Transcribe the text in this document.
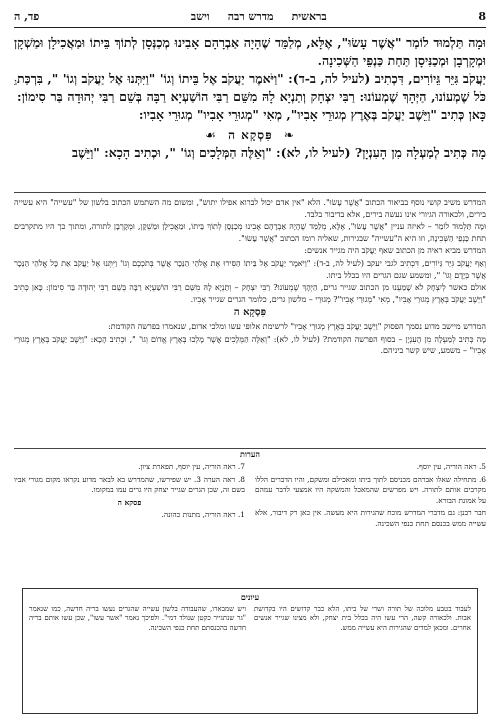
8
בראשית
מדרש רבה
וישב
פד, ה

וּמָה תַּלְמוּד לוֹמַר "אֲשֶׁר עָשׂוּ", אֶלָּא, מְלַמֵּד שֶׁהָיָה אַבְרָהָם אָבִינוּ מְכַנְּסָן לְתוֹךְ בֵּיתוֹ וּמַאֲכִילָן וּמַשְׁקָן וּמְקָרְבָן וּמְכַנִּיסָן תַּחַת כַּנְפֵי הַשְּׁכִינָה.

ג יַעֲקֹב גִּיֵּר גֵּיוֹרִים, דִּכְתִיב (לעיל לה, ב-ד): "וַיֹּאמֶר יַעֲקֹב אֶל בֵּיתוֹ וְגוֹ' "וַיִּתְּנוּ אֶל יַעֲקֹב וְגוֹ' ", בִּרְכַּת כֹּל שֶׁמְעוֹנוּ, הַיְּהָךְ שֶׁמְעוֹנוּ: רַבִּי יִצְחָק וְתַנְיָא לָהּ מִשֵּׁם רַבִּי הוֹשַׁעְיָא רַבָּה בְּשֵׁם רַבִּי יְהוּדָה בַּר סִימוֹן: כָּאן כְּתִיב "וַיֵּשֶׁב יַעֲקֹב בְּאֶרֶץ מְגוּרֵי אָבִיו", מְאִי "מְגוּרֵי אָבִיו" מְגוּרֵי אָבִיו:

❧ פִּסְקָא ה ☙

מָה כְּתִיב לְמַעְלָה מִן הָעִנְיָן? (לעיל לו, לא): "וְאֵלֶּה הַמְּלָכִים וְגוֹ' ", וּכְתִיב הָכָא: "וַיֵּשֶׁב

המדרש משיב קושי נוסף בביאור הכתוב "אֲשֶׁר עָשׂוּ". הלא "אין אדם יכול לברוא אפילו יתוש", ומשום מה השתמש הכתוב בלשון של "עשייה" היא עשייה בירים, ולכאורה הגיורי אינו נעשה בירים, אלא בדיבור בלבד.

וּמָה תַּלְמוּד לוֹמַר – לאיזה עניין "אֲשֶׁר עָשׂוּ", אֶלָּא, מְלַמֵּד שֶׁהָיָה אַבְרָהָם אָבִינוּ מְכַנְּסָן לְתוֹךְ בֵּיתוֹ, וּמַאֲכִילָן וּמַשְׁקָן, וּמְקָרְבָן לתורה, ומתוך כך היו מתקרבים תחת כַּנְפֵי הַשְּׁכִינָה, וזו היא ה"עשייה" שבגירות, שאליה רומז הכתוב "אֲשֶׁר עָשׂוּ".

המדרש מביא ראיה מן הכתוב שאף יַעֲקֹב היה מגייר אנשים:

וְאַף יַעֲקֹב גִּיֵּר גֵּיוֹרִים, דִּכְתִיב לגבי יעקב (לעיל לה, ב-ד): "וַיֹּאמֶר יַעֲקֹב אֶל בֵּיתוֹ הַסִּירוּ אֶת אֱלֹהֵי הַנֵּכָר אֲשֶׁר בְּתֹכְכֶם וְגוֹ' וַיִּתְּנוּ אֶל יַעֲקֹב אֵת כָּל אֱלֹהֵי הַנֵּכָר אֲשֶׁר בְּיָדָם וְגוֹ' ", ומשמע שגם הגרים היו בכלל ביתו.

אולם כאשר לְיִצְחָק לֹא שָׁמַעְנוּ מן הכתוב שגייר גרים, הַיְּהָךְ שֶׁמְעוֹנוּ? רַבִּי יִצְחָק – וְתַנְיָא לָהּ מִשֵּׁם רַבִּי הוֹשַׁעְיָא רַבָּה בְּשֵׁם רַבִּי יְהוּדָה בַּר סִימוֹן: כָּאן כְּתִיב "וַיֵּשֶׁב יַעֲקֹב בְּאֶרֶץ מְגוּרֵי אָבִיו", מְאִי "מְגוּרֵי אָבִיו"? מְגוּרֵי – מלשון גרים, כלומר הגרים שגייר אָבִיו.

פִּסְקָא ה

המדרש מיישב מדוע נסמך הפסוק "וַיֵּשֶׁב יַעֲקֹב בְּאֶרֶץ מְגוּרֵי אָבִיו" לרשימת אלופי עשו ומלכי אדום, שנאמרו בפרשה הקודמת:

מָה כְּתִיב לְמַעְלָה מִן הָעִנְיָן – בסוף הפרשה הקודמת? (לעיל לו, לא): "וְאֵלֶּה הַמְּלָכִים אֲשֶׁר מָלְכוּ בְּאֶרֶץ אֱדוֹם וְגוֹ' ", וּכְתִיב הָכָא: "וַיֵּשֶׁב יַעֲקֹב בְּאֶרֶץ מְגוּרֵי אָבִיו" – משמע, שיש קשר ביניהם.

הערות

5. ראה הוריה, עין יוסף.

6. מתחילה שאלו אברהם מכניסם לתוך ביתו ומאכילם ומשקם, והיו הדברים הללו מקרבים אותם לתורה. ויש מפרשים שהמאכל והמשקה היו אמצעי לדבר עמהם על אמונת הבורא.

חבר רבנן: גם מדברי המדרש מוכח שהגירות היא מעשה. אין כאן רק דיבור, אלא עשייה ממש בכנסם תחת כנפי השכינה.

7. ראה הוריה, עין יוסף, תפארת ציון.

8. ראה הערה 3. יש שפירשו, שהמדרש בא לבאר מדוע נקראו מקום מגורי אביו בשם זה, שכן הגרים שגייר יצחק היו גרים עמו במקומו.

פסקא ה

1. ראה הוריה, מתנות כהונה.

עיונים

לעבוד בטבע מלוכה של תורה ושרי של ביתו, הלא כבר קדושים היו בקדושת אבות. ולכאורה קשה, הרי עשו היה בכלל בית יצחק, ולא מצינו שגייר אנשים אחרים. ומכאן למדים שהגירות היא עשייה ממש.

ויש שמבארו, שהעבודה בלשון עשייה שהגרים נעשו בריה חדשה, כמו שנאמר "גר שנתגייר כקטן שנולד דמי". ולפיכך נאמר "אשר עשו", שכן עשו אותם בריה חדשה בהכנסתם תחת כנפי השכינה.
